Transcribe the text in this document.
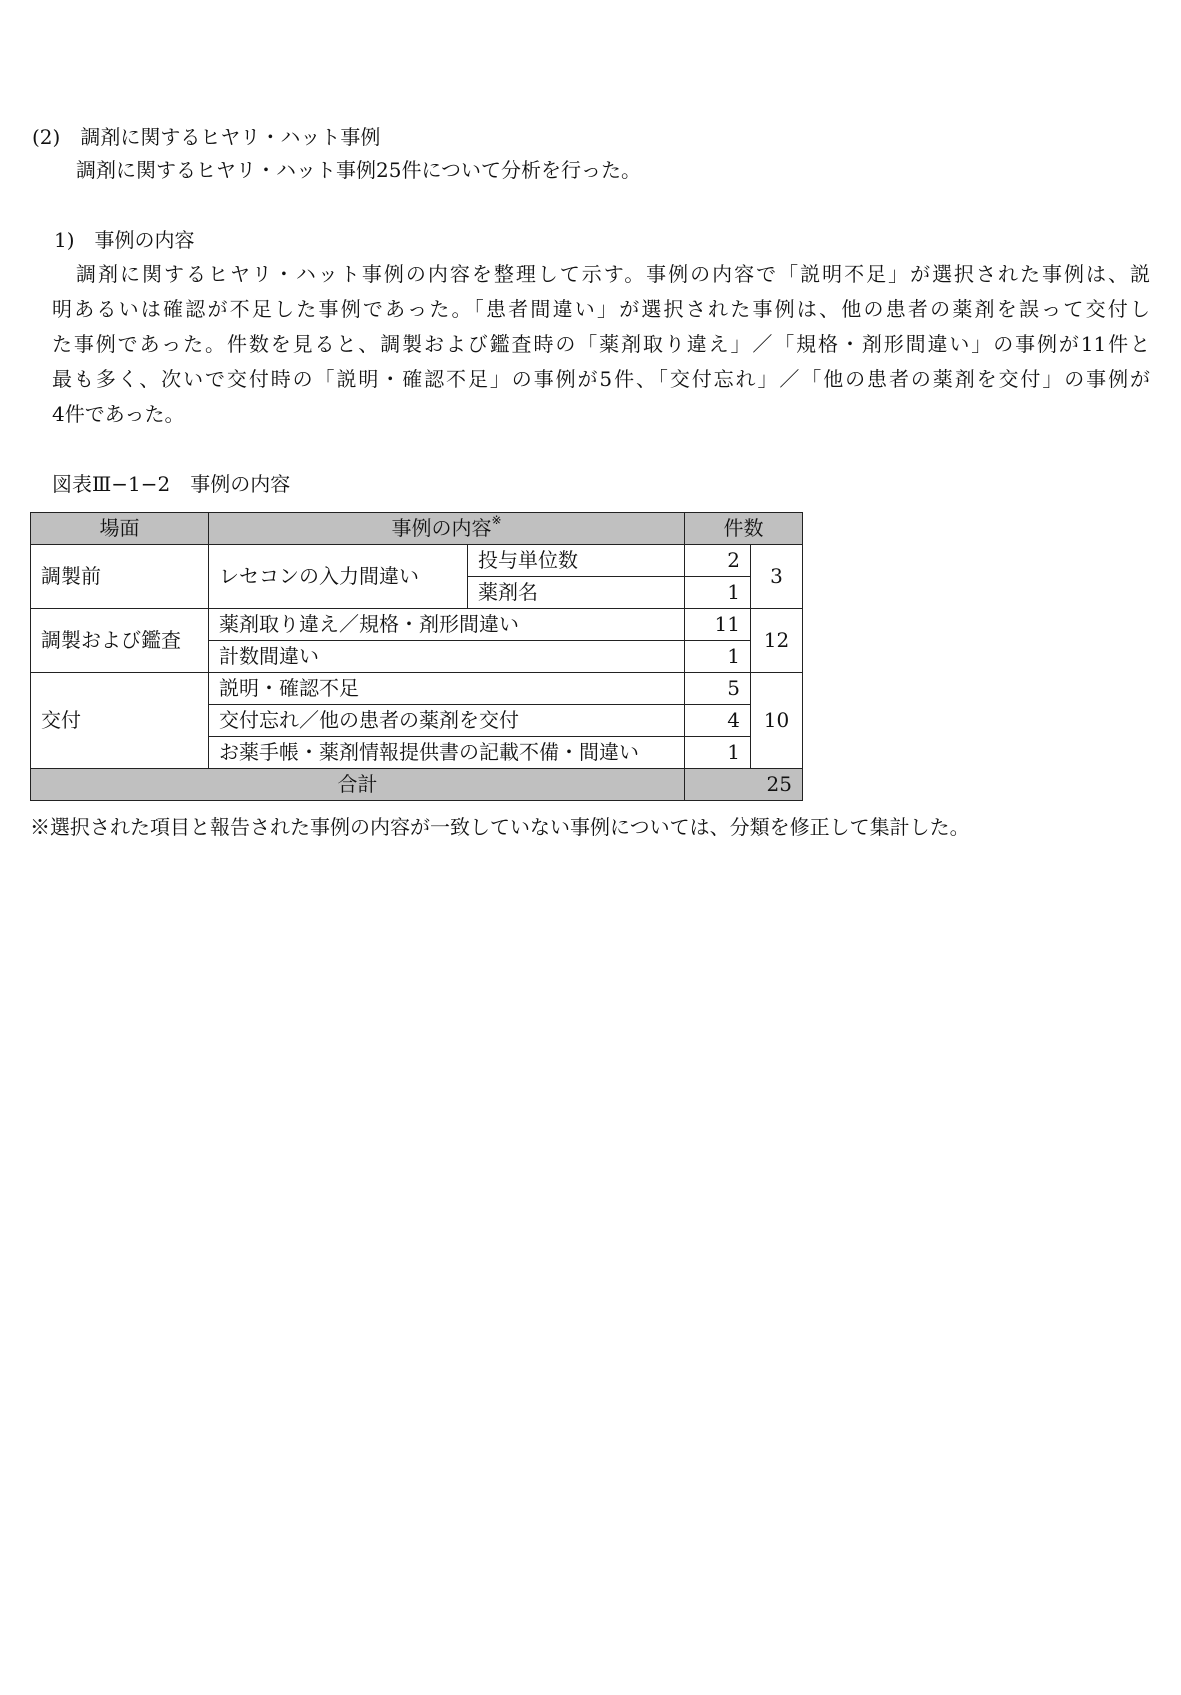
(2)　調剤に関するヒヤリ・ハット事例
調剤に関するヒヤリ・ハット事例25件について分析を行った。
1)　事例の内容
調剤に関するヒヤリ・ハット事例の内容を整理して示す。事例の内容で「説明不足」が選択された事例は、説
明あるいは確認が不足した事例であった。「患者間違い」が選択された事例は、他の患者の薬剤を誤って交付し
た事例であった。件数を見ると、調製および鑑査時の「薬剤取り違え」／「規格・剤形間違い」の事例が11件と
最も多く、次いで交付時の「説明・確認不足」の事例が5件、「交付忘れ」／「他の患者の薬剤を交付」の事例が
4件であった。
図表Ⅲ−1−2　事例の内容
場面	事例の内容※		件数	
調製前	レセコンの入力間違い	投与単位数	2	3
		薬剤名	1	
調製および鑑査	薬剤取り違え／規格・剤形間違い		11	12
	計数間違い		1	
交付	説明・確認不足		5	10
	交付忘れ／他の患者の薬剤を交付		4	
	お薬手帳・薬剤情報提供書の記載不備・間違い		1	
合計			25	
※選択された項目と報告された事例の内容が一致していない事例については、分類を修正して集計した。
